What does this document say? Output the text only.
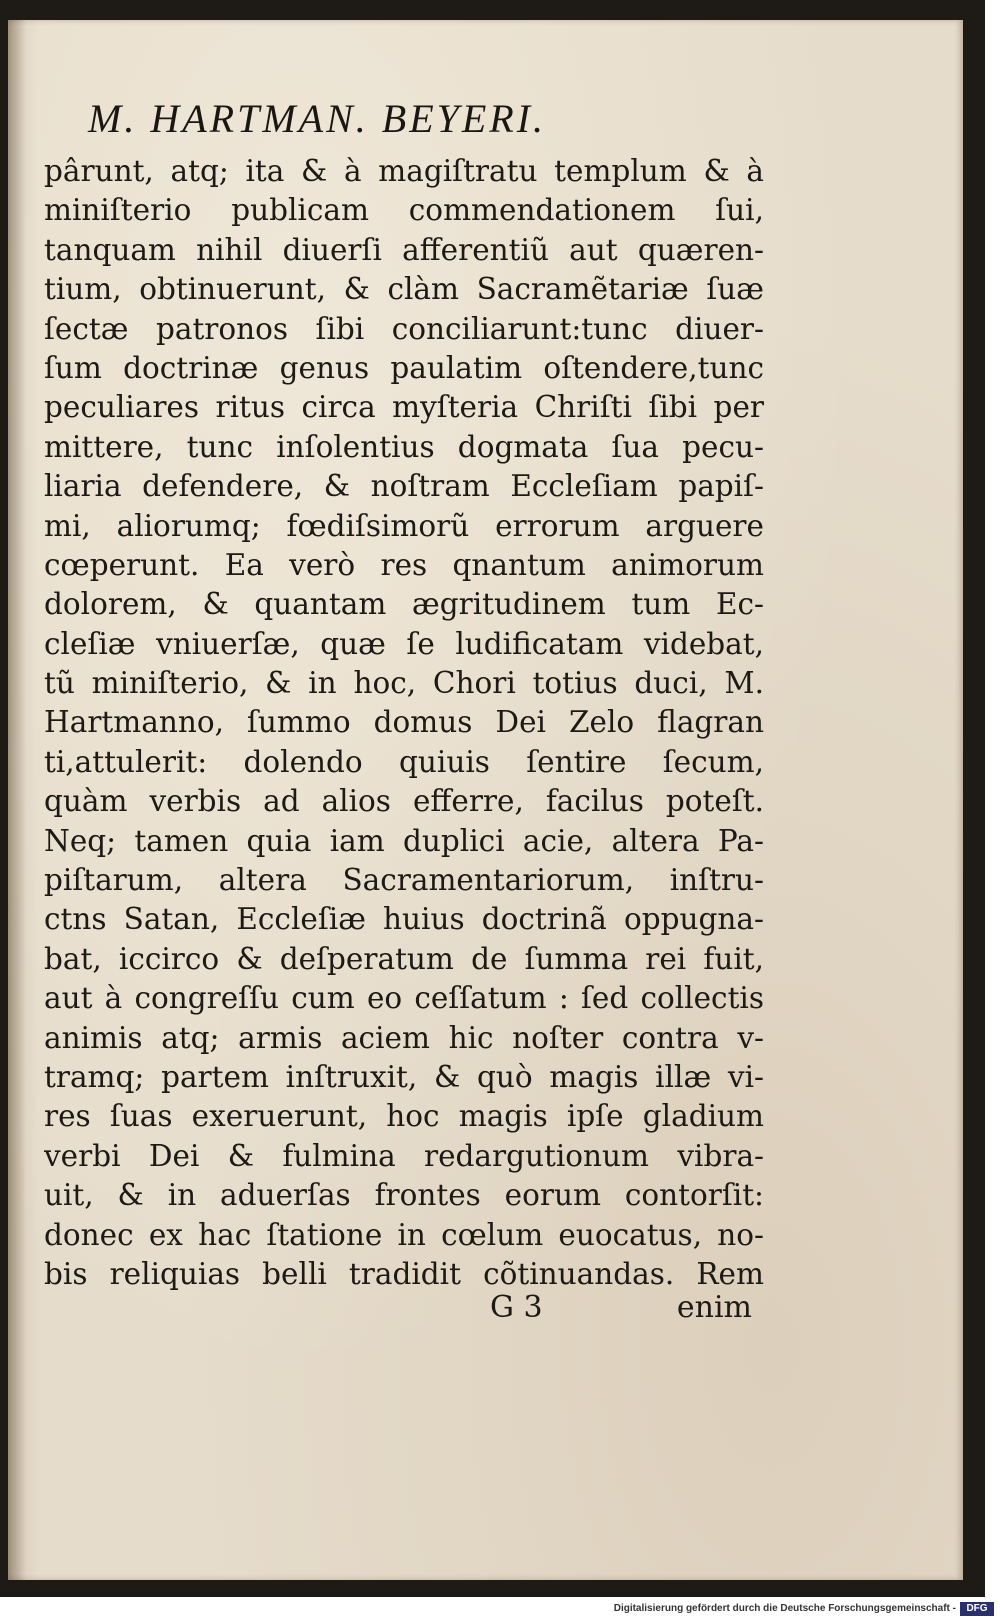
M. HARTMAN. BEYERI.
pârunt, atq; ita & à magiſtratu templum & à
miniſterio publicam commendationem ſui,
tanquam nihil diuerſi afferentiũ aut quæren-
tium, obtinuerunt, & clàm Sacramẽtariæ ſuæ
ſectæ patronos ſibi conciliarunt:tunc diuer-
ſum doctrinæ genus paulatim oſtendere,tunc
peculiares ritus circa myſteria Chriſti ſibi per
mittere, tunc inſolentius dogmata ſua pecu-
liaria defendere, & noſtram Eccleſiam papiſ-
mi, aliorumq; fœdiſsimorũ errorum arguere
cœperunt. Ea verò res qnantum animorum
dolorem, & quantam ægritudinem tum Ec-
cleſiæ vniuerſæ, quæ ſe ludificatam videbat,
tũ miniſterio, & in hoc, Chori totius duci, M.
Hartmanno, ſummo domus Dei Zelo flagran
ti,attulerit: dolendo quiuis ſentire ſecum,
quàm verbis ad alios efferre, facilus poteſt.
Neq; tamen quia iam duplici acie, altera Pa-
piſtarum, altera Sacramentariorum, inſtru-
ctns Satan, Eccleſiæ huius doctrinã oppugna-
bat, iccirco & deſperatum de ſumma rei fuit,
aut à congreſſu cum eo ceſſatum : ſed collectis
animis atq; armis aciem hic noſter contra v-
tramq; partem inſtruxit, & quò magis illæ vi-
res ſuas exeruerunt, hoc magis ipſe gladium
verbi Dei & fulmina redargutionum vibra-
uit, & in aduerſas frontes eorum contorſit:
donec ex hac ſtatione in cœlum euocatus, no-
bis reliquias belli tradidit cõtinuandas. Rem
G 3	enim
Digitalisierung gefördert durch die Deutsche Forschungsgemeinschaft -	DFG
